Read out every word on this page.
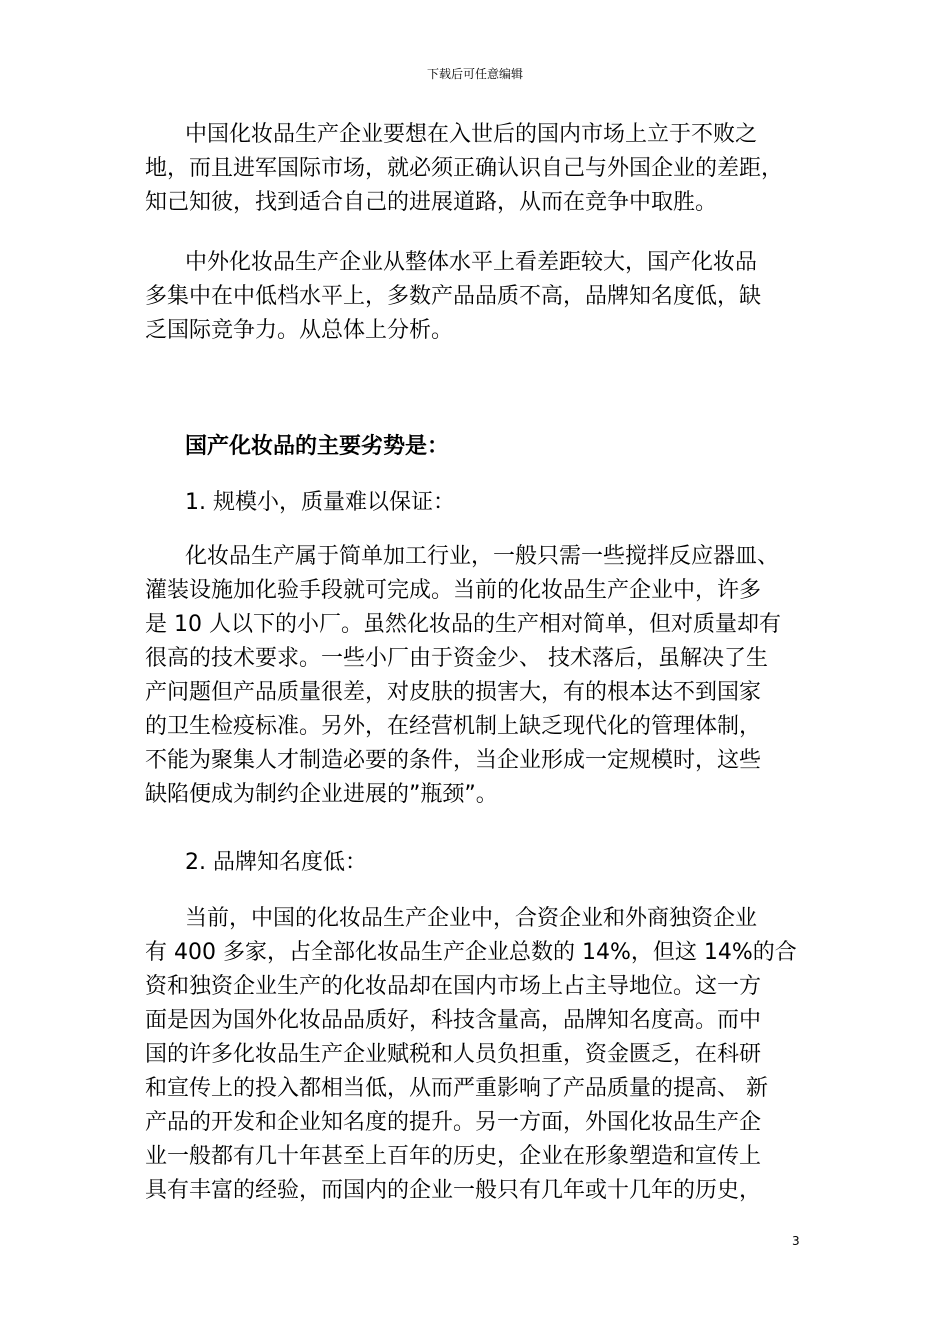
下载后可任意编辑
中国化妆品生产企业要想在入世后的国内市场上立于不败之
地，而且进军国际市场，就必须正确认识自己与外国企业的差距，
知己知彼，找到适合自己的进展道路，从而在竞争中取胜。
中外化妆品生产企业从整体水平上看差距较大，国产化妆品
多集中在中低档水平上，多数产品品质不高，品牌知名度低，缺
乏国际竞争力。从总体上分析。
国产化妆品的主要劣势是：
1. 规模小，质量难以保证：
化妆品生产属于简单加工行业，一般只需一些搅拌反应器皿、
灌装设施加化验手段就可完成。当前的化妆品生产企业中，许多
是 10 人以下的小厂。虽然化妆品的生产相对简单，但对质量却有
很高的技术要求。一些小厂由于资金少、 技术落后，虽解决了生
产问题但产品质量很差，对皮肤的损害大，有的根本达不到国家
的卫生检疫标准。另外，在经营机制上缺乏现代化的管理体制，
不能为聚集人才制造必要的条件，当企业形成一定规模时，这些
缺陷便成为制约企业进展的”瓶颈”。
2. 品牌知名度低：
当前，中国的化妆品生产企业中，合资企业和外商独资企业
有 400 多家，占全部化妆品生产企业总数的 14%，但这 14%的合
资和独资企业生产的化妆品却在国内市场上占主导地位。这一方
面是因为国外化妆品品质好，科技含量高，品牌知名度高。而中
国的许多化妆品生产企业赋税和人员负担重，资金匮乏，在科研
和宣传上的投入都相当低，从而严重影响了产品质量的提高、 新
产品的开发和企业知名度的提升。另一方面，外国化妆品生产企
业一般都有几十年甚至上百年的历史，企业在形象塑造和宣传上
具有丰富的经验，而国内的企业一般只有几年或十几年的历史，
3
